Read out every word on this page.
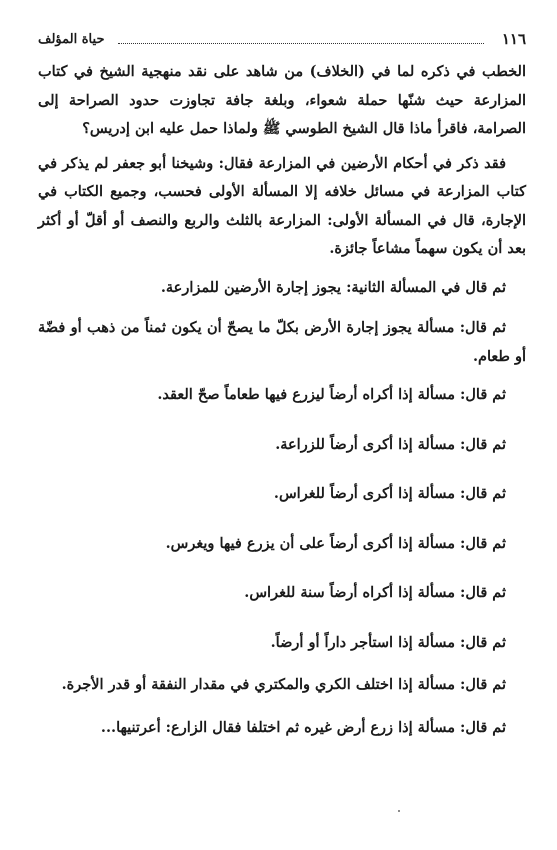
١١٦
حياة المؤلف

الخطب في ذكره لما في (الخلاف) من شاهد على نقد منهجية الشيخ في كتاب المزارعة حيث شنّها حملة شعواء، وبلغة جافة تجاوزت حدود الصراحة إلى الصرامة، فاقرأ ماذا قال الشيخ الطوسي ﷺ ولماذا حمل عليه ابن إدريس؟

فقد ذكر في أحكام الأرضين في المزارعة فقال: وشيخنا أبو جعفر لم يذكر في كتاب المزارعة في مسائل خلافه إلا المسألة الأولى فحسب، وجميع الكتاب في الإجارة، قال في المسألة الأولى: المزارعة بالثلث والربع والنصف أو أقلّ أو أكثر بعد أن يكون سهماً مشاعاً جائزة.

ثم قال في المسألة الثانية: يجوز إجارة الأرضين للمزارعة.

ثم قال: مسألة يجوز إجارة الأرض بكلّ ما يصحّ أن يكون ثمناً من ذهب أو فضّة أو طعام.

ثم قال: مسألة إذا أكراه أرضاً ليزرع فيها طعاماً صحّ العقد.

ثم قال: مسألة إذا أكرى أرضاً للزراعة.

ثم قال: مسألة إذا أكرى أرضاً للغراس.

ثم قال: مسألة إذا أكرى أرضاً على أن يزرع فيها ويغرس.

ثم قال: مسألة إذا أكراه أرضاً سنة للغراس.

ثم قال: مسألة إذا استأجر داراً أو أرضاً.

ثم قال: مسألة إذا اختلف الكري والمكتري في مقدار النفقة أو قدر الأجرة.

ثم قال: مسألة إذا زرع أرض غيره ثم اختلفا فقال الزارع: أعرتنيها...
